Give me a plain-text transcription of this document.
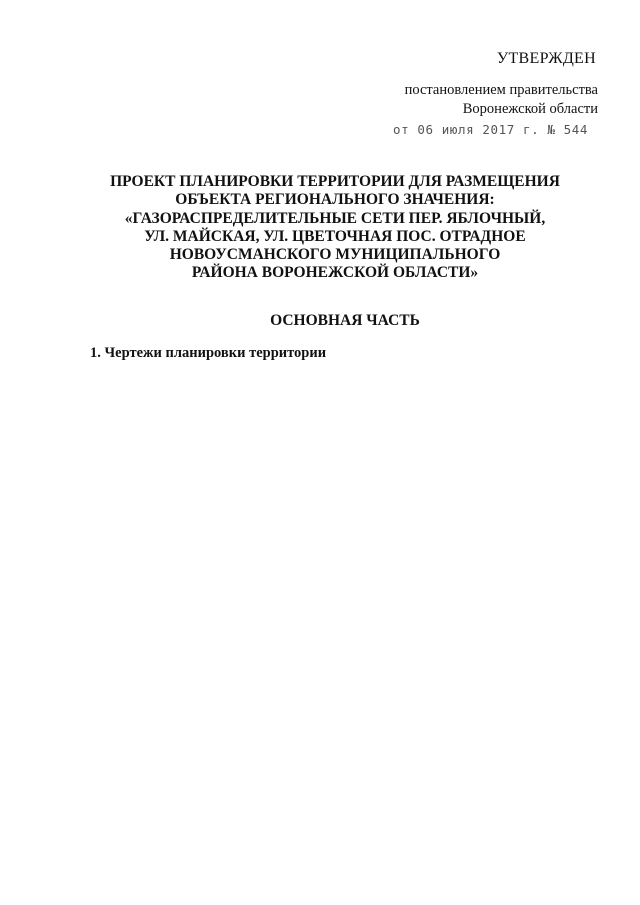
УТВЕРЖДЕН
постановлением правительства
Воронежской области
от 06 июля 2017 г. № 544
ПРОЕКТ ПЛАНИРОВКИ ТЕРРИТОРИИ ДЛЯ РАЗМЕЩЕНИЯ
ОБЪЕКТА РЕГИОНАЛЬНОГО ЗНАЧЕНИЯ:
«ГАЗОРАСПРЕДЕЛИТЕЛЬНЫЕ СЕТИ ПЕР. ЯБЛОЧНЫЙ,
УЛ. МАЙСКАЯ, УЛ. ЦВЕТОЧНАЯ ПОС. ОТРАДНОЕ
НОВОУСМАНСКОГО МУНИЦИПАЛЬНОГО
РАЙОНА ВОРОНЕЖСКОЙ ОБЛАСТИ»
ОСНОВНАЯ ЧАСТЬ
1. Чертежи планировки территории
